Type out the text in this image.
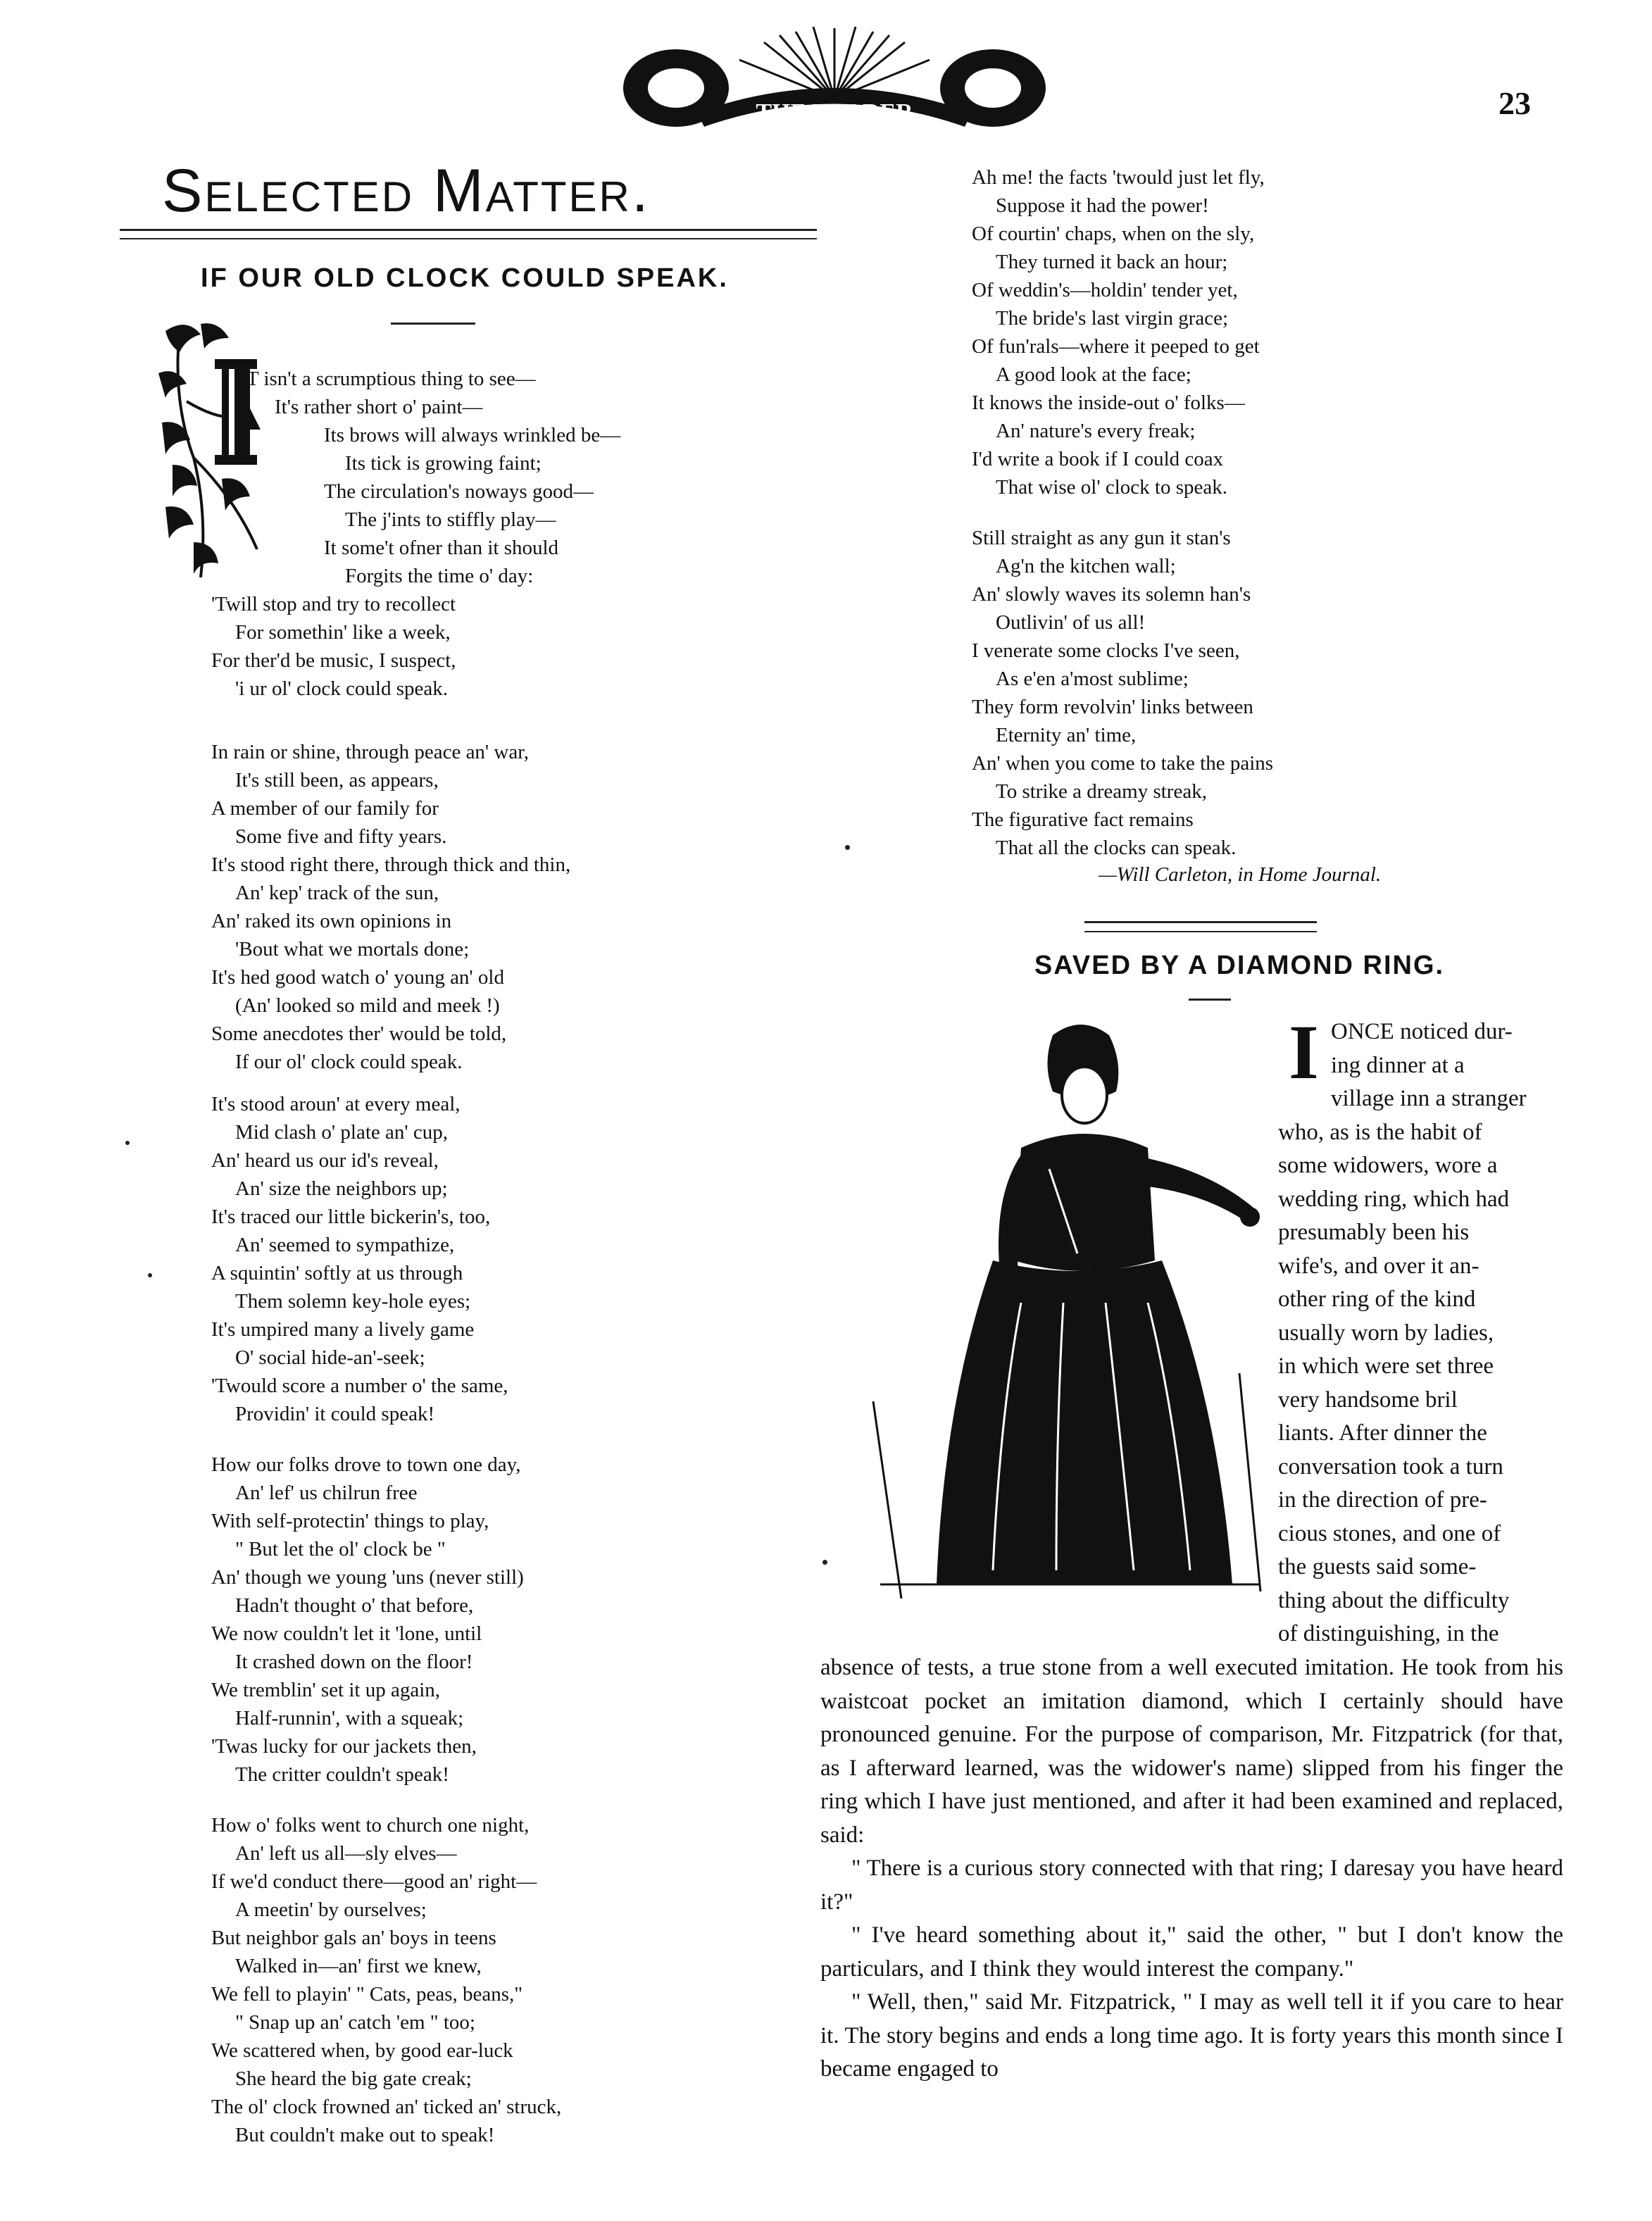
THE TRADER	23
Selected Matter.
IF OUR OLD CLOCK COULD SPEAK.
I
T isn't a scrumptious thing to see—
It's rather short o' paint—
Its brows will always wrinkled be—
Its tick is growing faint;
The circulation's noways good—
The j'ints to stiffly play—
It some't ofner than it should
Forgits the time o' day:
'Twill stop and try to recollect
For somethin' like a week,
For ther'd be music, I suspect,
'i ur ol' clock could speak.
In rain or shine, through peace an' war,
It's still been, as appears,
A member of our family for
Some five and fifty years.
It's stood right there, through thick and thin,
An' kep' track of the sun,
An' raked its own opinions in
'Bout what we mortals done;
It's hed good watch o' young an' old
(An' looked so mild and meek !)
Some anecdotes ther' would be told,
If our ol' clock could speak.
It's stood aroun' at every meal,
Mid clash o' plate an' cup,
An' heard us our id's reveal,
An' size the neighbors up;
It's traced our little bickerin's, too,
An' seemed to sympathize,
A squintin' softly at us through
Them solemn key-hole eyes;
It's umpired many a lively game
O' social hide-an'-seek;
'Twould score a number o' the same,
Providin' it could speak!
How our folks drove to town one day,
An' lef' us chilrun free
With self-protectin' things to play,
" But let the ol' clock be "
An' though we young 'uns (never still)
Hadn't thought o' that before,
We now couldn't let it 'lone, until
It crashed down on the floor!
We tremblin' set it up again,
Half-runnin', with a squeak;
'Twas lucky for our jackets then,
The critter couldn't speak!
How o' folks went to church one night,
An' left us all—sly elves—
If we'd conduct there—good an' right—
A meetin' by ourselves;
But neighbor gals an' boys in teens
Walked in—an' first we knew,
We fell to playin' " Cats, peas, beans,"
" Snap up an' catch 'em " too;
We scattered when, by good ear-luck
She heard the big gate creak;
The ol' clock frowned an' ticked an' struck,
But couldn't make out to speak!
Ah me! the facts 'twould just let fly,
Suppose it had the power!
Of courtin' chaps, when on the sly,
They turned it back an hour;
Of weddin's—holdin' tender yet,
The bride's last virgin grace;
Of fun'rals—where it peeped to get
A good look at the face;
It knows the inside-out o' folks—
An' nature's every freak;
I'd write a book if I could coax
That wise ol' clock to speak.
Still straight as any gun it stan's
Ag'n the kitchen wall;
An' slowly waves its solemn han's
Outlivin' of us all!
I venerate some clocks I've seen,
As e'en a'most sublime;
They form revolvin' links between
Eternity an' time,
An' when you come to take the pains
To strike a dreamy streak,
The figurative fact remains
That all the clocks can speak.
—Will Carleton, in Home Journal.
SAVED BY A DIAMOND RING.
I ONCE noticed dur-
ing dinner at a
village inn a stranger
who, as is the habit of
some widowers, wore a
wedding ring, which had
presumably been his
wife's, and over it an-
other ring of the kind
usually worn by ladies,
in which were set three
very handsome bril
liants. After dinner the
conversation took a turn
in the direction of pre-
cious stones, and one of
the guests said some-
thing about the difficulty
of distinguishing, in the

absence of tests, a true stone from a well executed imitation. He took from his waistcoat pocket an imitation diamond, which I certainly should have pronounced genuine. For the purpose of comparison, Mr. Fitzpatrick (for that, as I afterward learned, was the widower's name) slipped from his finger the ring which I have just mentioned, and after it had been examined and replaced, said:

" There is a curious story connected with that ring; I daresay you have heard it?"

" I've heard something about it," said the other, " but I don't know the particulars, and I think they would interest the company."

" Well, then," said Mr. Fitzpatrick, " I may as well tell it if you care to hear it. The story begins and ends a long time ago. It is forty years this month since I became engaged to
